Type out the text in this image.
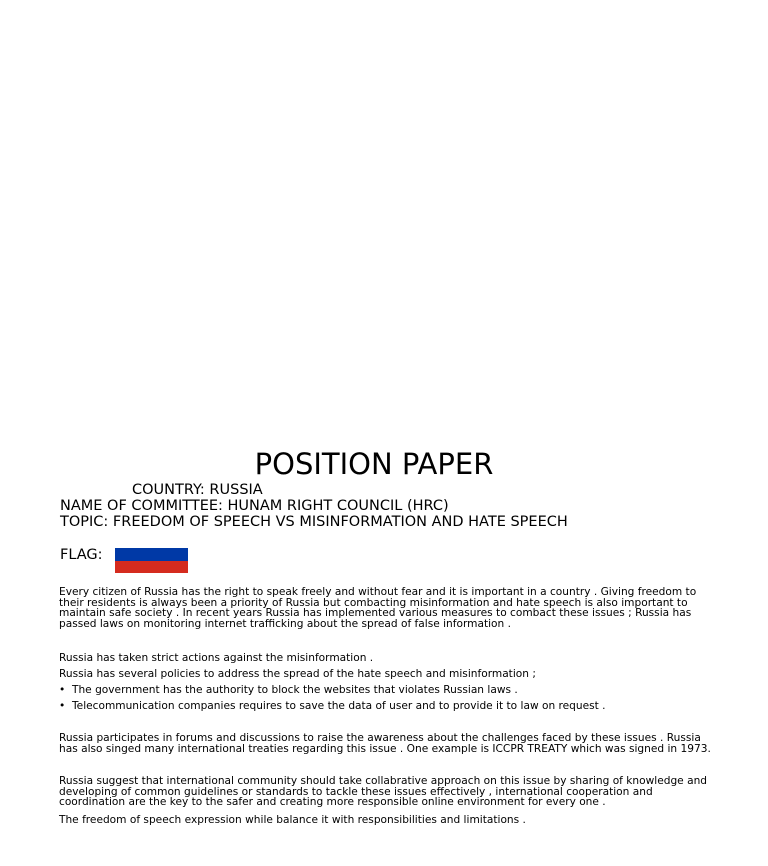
POSITION PAPER
COUNTRY: RUSSIA
NAME OF COMMITTEE: HUNAM RIGHT COUNCIL (HRC)
TOPIC: FREEDOM OF SPEECH VS MISINFORMATION AND HATE SPEECH
FLAG:

Every citizen of Russia has the right to speak freely and without fear and it is important in a country . Giving freedom to their residents is always been a priority of Russia but combacting misinformation and hate speech is also important to maintain safe society . In recent years Russia has implemented various measures to combact these issues ; Russia has passed laws on monitoring internet trafficking about the spread of false information .

Russia has taken strict actions against the misinformation .
Russia has several policies to address the spread of the hate speech and misinformation ;
• The government has the authority to block the websites that violates Russian laws .
• Telecommunication companies requires to save the data of user and to provide it to law on request .

Russia participates in forums and discussions to raise the awareness about the challenges faced by these issues . Russia has also singed many international treaties regarding this issue . One example is ICCPR TREATY which was signed in 1973.

Russia suggest that international community should take collabrative approach on this issue by sharing of knowledge and developing of common guidelines or standards to tackle these issues effectively , international cooperation and coordination are the key to the safer and creating more responsible online environment for every one .

The freedom of speech expression while balance it with responsibilities and limitations .
